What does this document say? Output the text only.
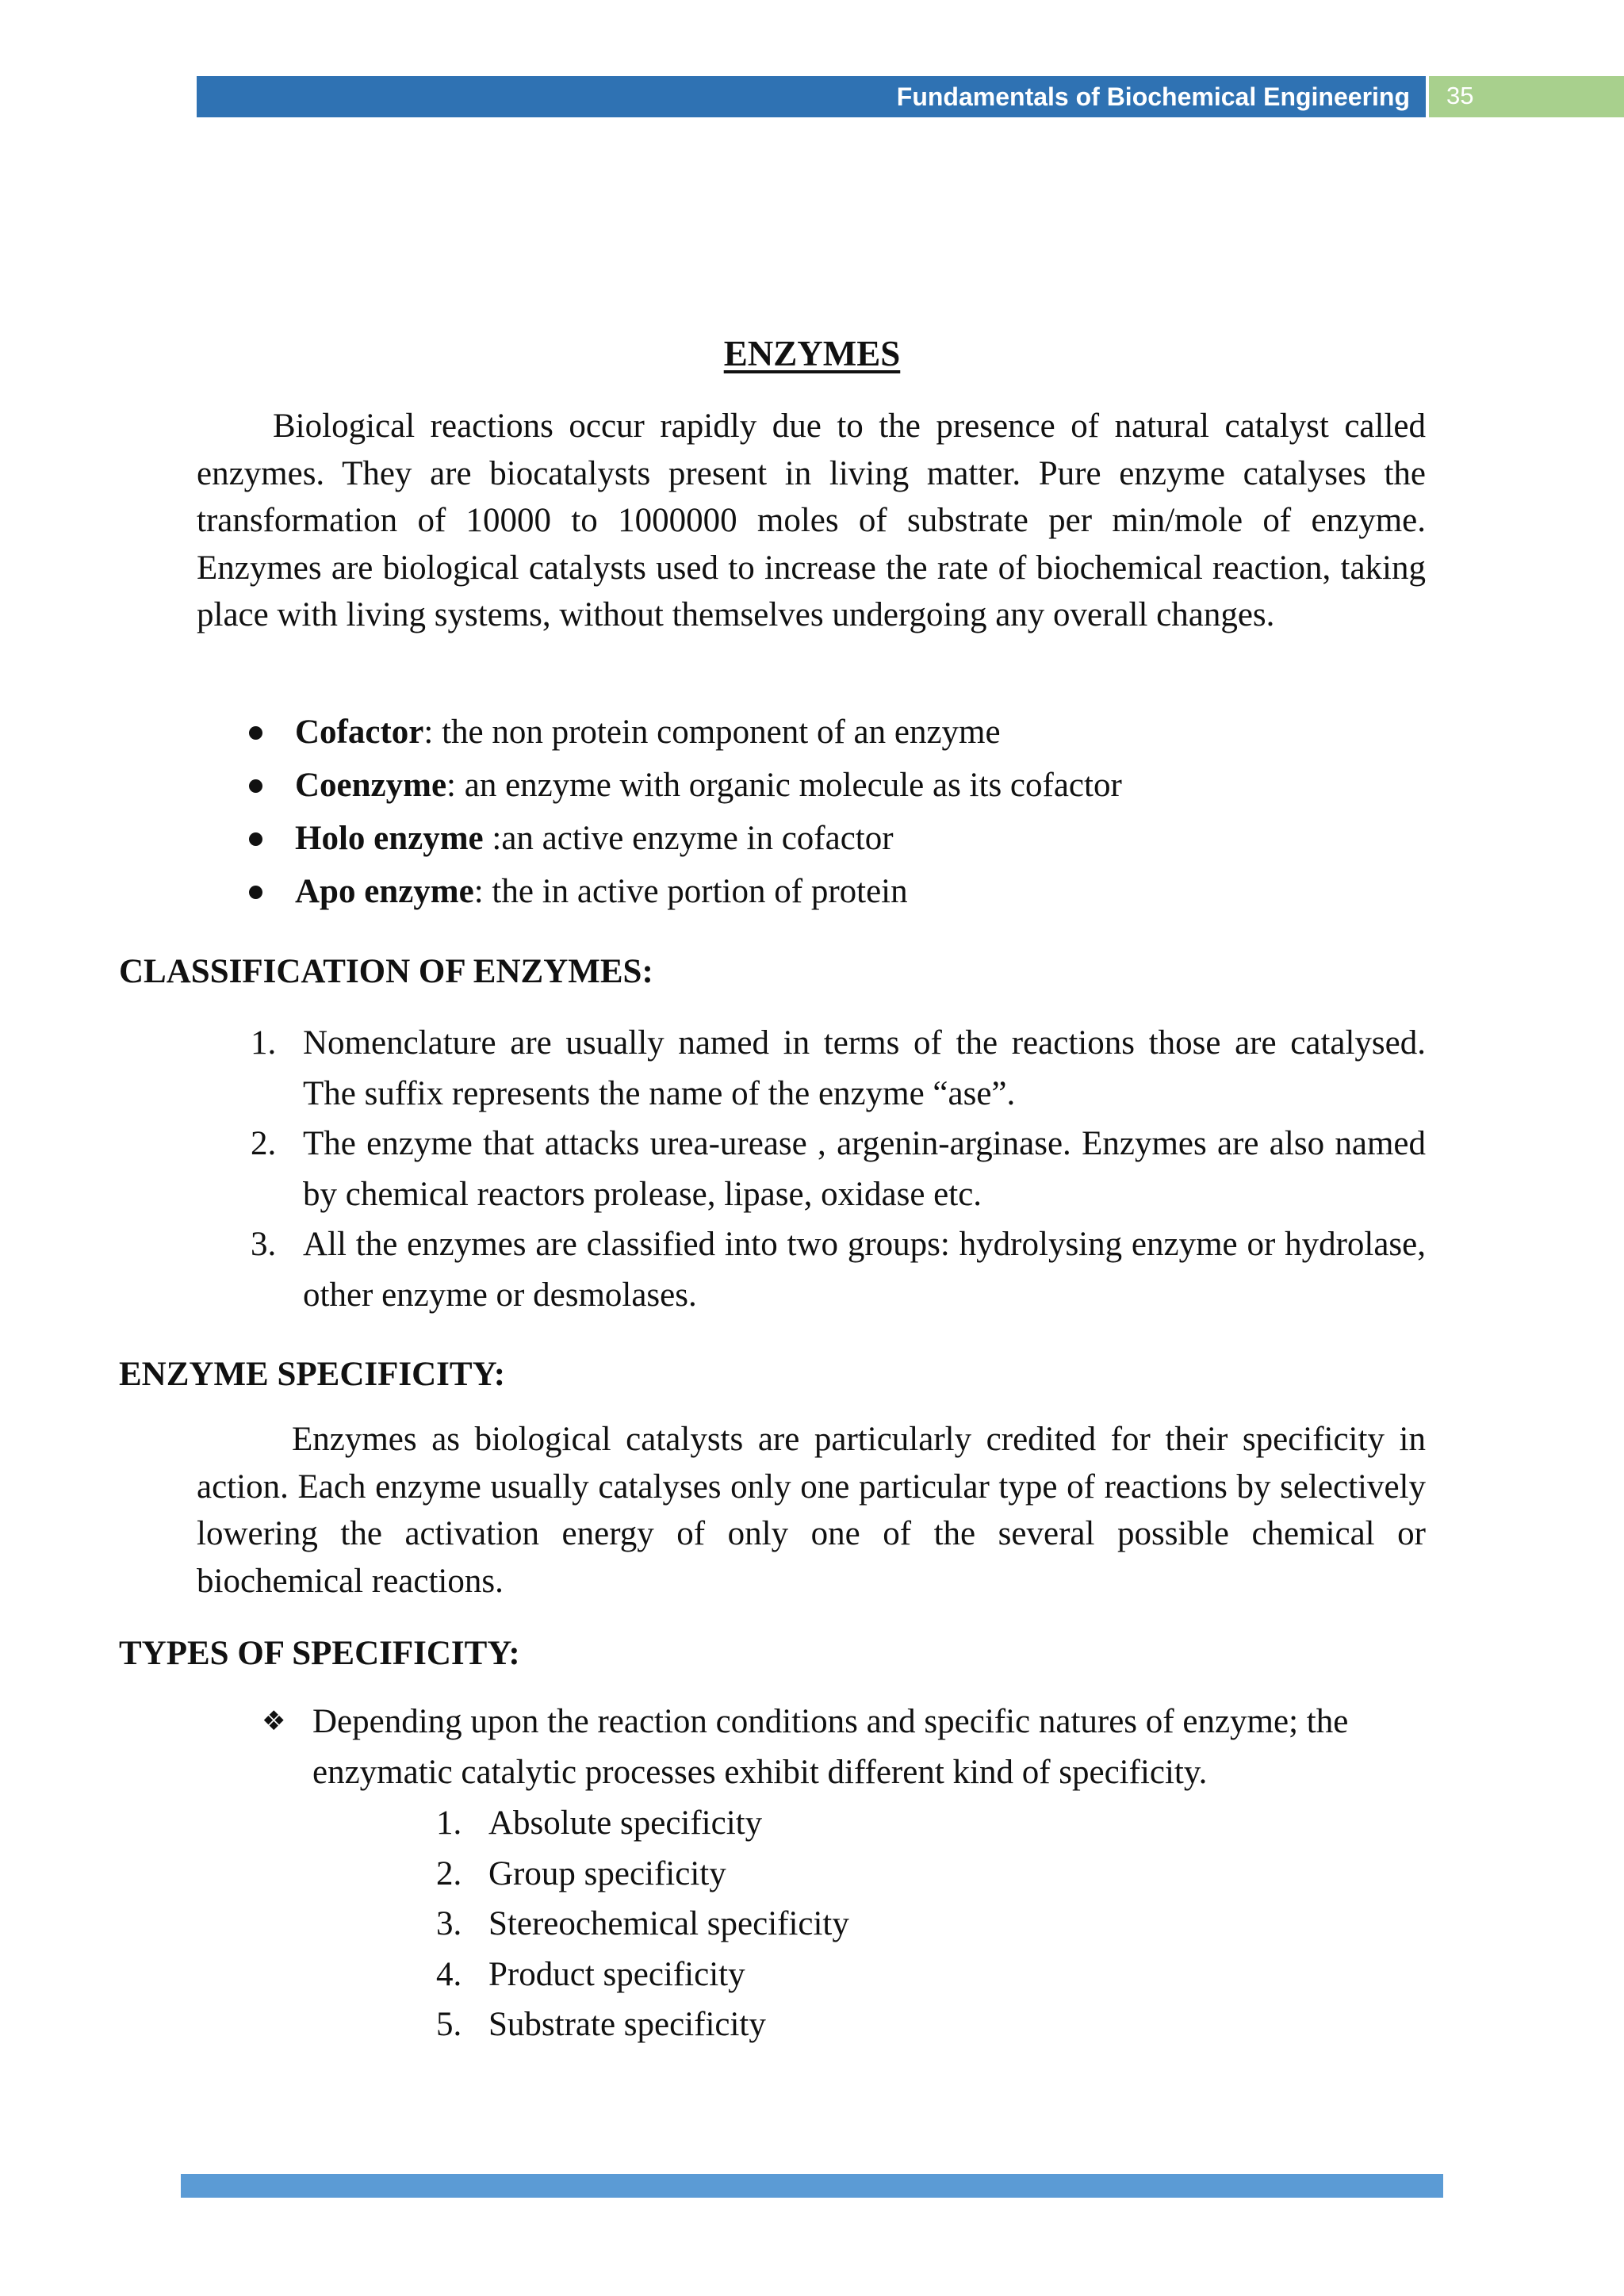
Fundamentals of Biochemical Engineering 35
ENZYMES

Biological reactions occur rapidly due to the presence of natural catalyst called enzymes. They are biocatalysts present in living matter. Pure enzyme catalyses the transformation of 10000 to 1000000 moles of substrate per min/mole of enzyme. Enzymes are biological catalysts used to increase the rate of biochemical reaction, taking place with living systems, without themselves undergoing any overall changes.

Cofactor: the non protein component of an enzyme
Coenzyme: an enzyme with organic molecule as its cofactor
Holo enzyme :an active enzyme in cofactor
Apo enzyme: the in active portion of protein
CLASSIFICATION OF ENZYMES:
1. Nomenclature are usually named in terms of the reactions those are catalysed. The suffix represents the name of the enzyme “ase”.
2. The enzyme that attacks urea-urease , argenin-arginase. Enzymes are also named by chemical reactors prolease, lipase, oxidase etc.
3. All the enzymes are classified into two groups: hydrolysing enzyme or hydrolase, other enzyme or desmolases.
ENZYME SPECIFICITY:

Enzymes as biological catalysts are particularly credited for their specificity in action. Each enzyme usually catalyses only one particular type of reactions by selectively lowering the activation energy of only one of the several possible chemical or biochemical reactions.

TYPES OF SPECIFICITY:
❖ Depending upon the reaction conditions and specific natures of enzyme; the enzymatic catalytic processes exhibit different kind of specificity.
1. Absolute specificity
2. Group specificity
3. Stereochemical specificity
4. Product specificity
5. Substrate specificity
